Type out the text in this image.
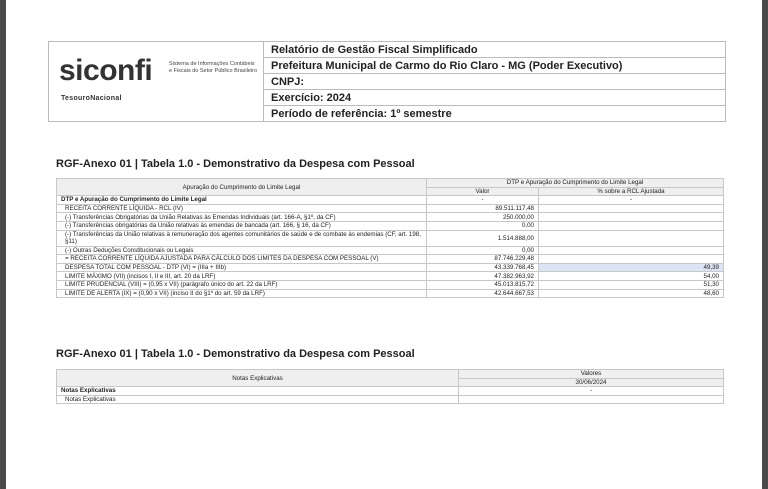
siconfi	Sistema de Informações Contábeis e Fiscais do Setor Público Brasileiro
TesouroNacional
Relatório de Gestão Fiscal Simplificado
Prefeitura Municipal de Carmo do Rio Claro - MG (Poder Executivo)
CNPJ:
Exercício: 2024
Período de referência: 1º semestre
RGF-Anexo 01 | Tabela 1.0 - Demonstrativo da Despesa com Pessoal
Apuração do Cumprimento do Limite Legal	DTP e Apuração do Cumprimento do Limite Legal	
	Valor	% sobre a RCL Ajustada
DTP e Apuração do Cumprimento do Limite Legal	-	-
RECEITA CORRENTE LÍQUIDA - RCL (IV)	89.511.117,48	
(-) Transferências Obrigatórias da União Relativas às Emendas Individuais (art. 166-A, §1º, da CF)	250.000,00	
(-) Transferências obrigatórias da União relativas às emendas de bancada (art. 166, § 16, da CF)	0,00	
(-) Transferências da União relativas à remuneração dos agentes comunitários de saúde e de combate às endemias (CF, art. 198, §11)	1.514.888,00	
(-) Outras Deduções Constitucionais ou Legais	0,00	
= RECEITA CORRENTE LÍQUIDA AJUSTADA PARA CÁLCULO DOS LIMITES DA DESPESA COM PESSOAL (V)	87.746.229,48	
DESPESA TOTAL COM PESSOAL - DTP (VI) = (IIIa + IIIb)	43.339.768,45	49,39
LIMITE MÁXIMO (VII) (incisos I, II e III, art. 20 da LRF)	47.382.963,92	54,00
LIMITE PRUDENCIAL (VIII) = (0,95 x VII) (parágrafo único do art. 22 da LRF)	45.013.815,72	51,30
LIMITE DE ALERTA (IX) = (0,90 x VII) (inciso II do §1º do art. 59 da LRF)	42.644.667,53	48,60
RGF-Anexo 01 | Tabela 1.0 - Demonstrativo da Despesa com Pessoal
Notas Explicativas	Valores
	30/06/2024
Notas Explicativas	-
Notas Explicativas	
